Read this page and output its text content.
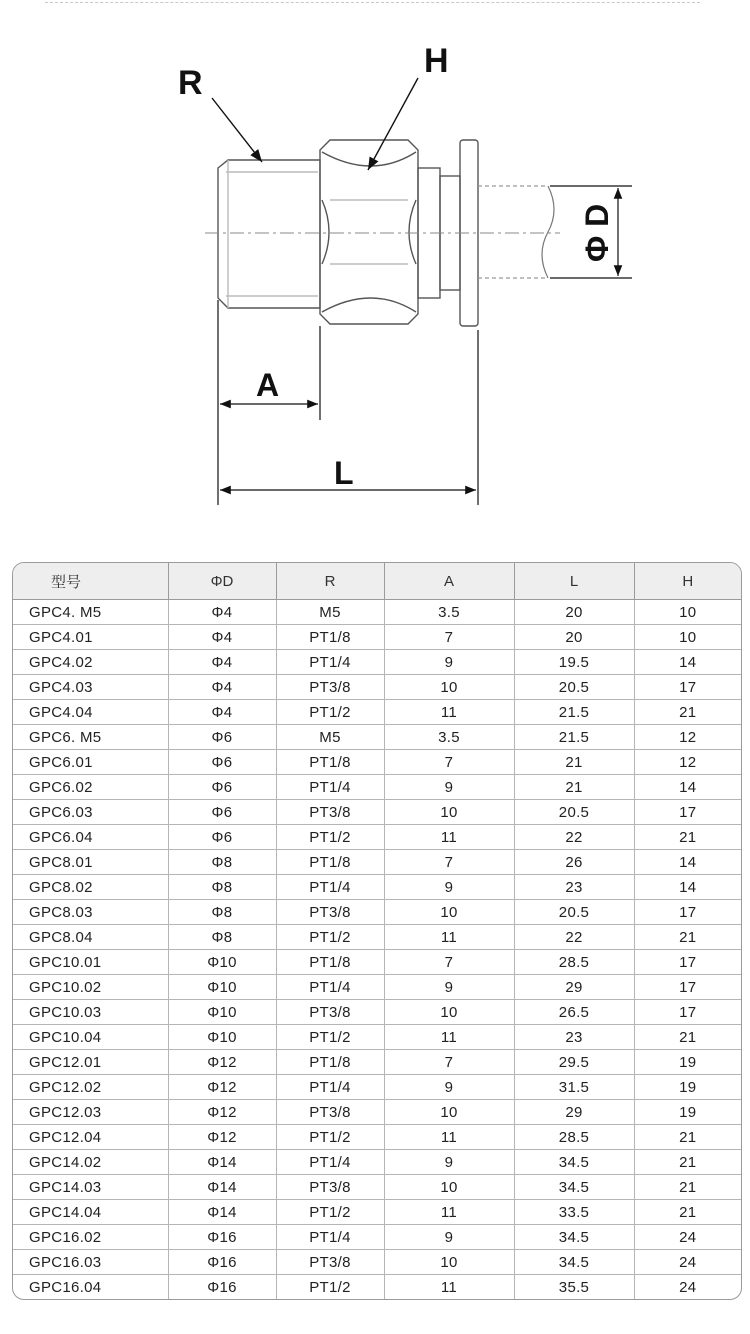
R
H
A
L
Φ D
型号	ΦD	R	A	L	H
GPC4. M5	Φ4	M5	3.5	20	10
GPC4.01	Φ4	PT1/8	7	20	10
GPC4.02	Φ4	PT1/4	9	19.5	14
GPC4.03	Φ4	PT3/8	10	20.5	17
GPC4.04	Φ4	PT1/2	11	21.5	21
GPC6. M5	Φ6	M5	3.5	21.5	12
GPC6.01	Φ6	PT1/8	7	21	12
GPC6.02	Φ6	PT1/4	9	21	14
GPC6.03	Φ6	PT3/8	10	20.5	17
GPC6.04	Φ6	PT1/2	11	22	21
GPC8.01	Φ8	PT1/8	7	26	14
GPC8.02	Φ8	PT1/4	9	23	14
GPC8.03	Φ8	PT3/8	10	20.5	17
GPC8.04	Φ8	PT1/2	11	22	21
GPC10.01	Φ10	PT1/8	7	28.5	17
GPC10.02	Φ10	PT1/4	9	29	17
GPC10.03	Φ10	PT3/8	10	26.5	17
GPC10.04	Φ10	PT1/2	11	23	21
GPC12.01	Φ12	PT1/8	7	29.5	19
GPC12.02	Φ12	PT1/4	9	31.5	19
GPC12.03	Φ12	PT3/8	10	29	19
GPC12.04	Φ12	PT1/2	11	28.5	21
GPC14.02	Φ14	PT1/4	9	34.5	21
GPC14.03	Φ14	PT3/8	10	34.5	21
GPC14.04	Φ14	PT1/2	11	33.5	21
GPC16.02	Φ16	PT1/4	9	34.5	24
GPC16.03	Φ16	PT3/8	10	34.5	24
GPC16.04	Φ16	PT1/2	11	35.5	24
